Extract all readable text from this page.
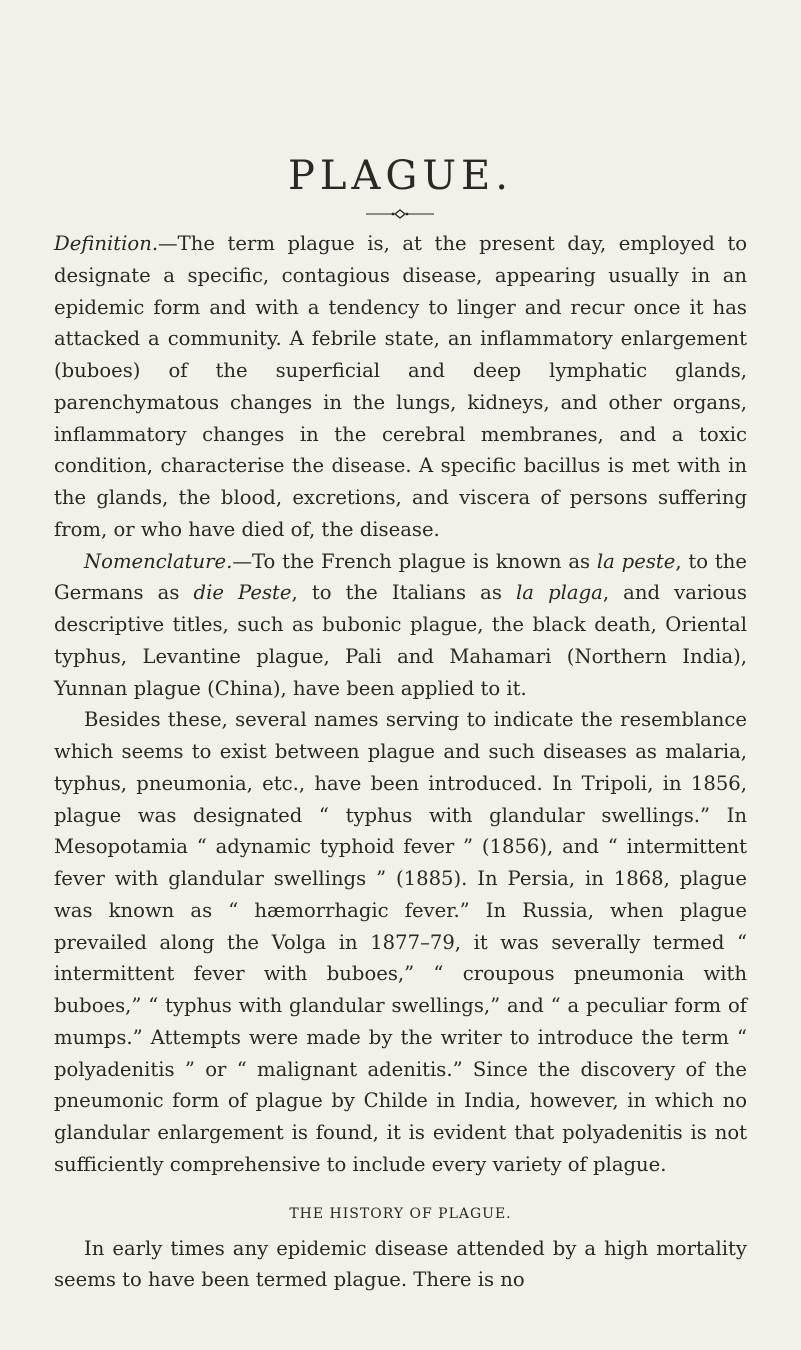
PLAGUE.

Definition.—The term plague is, at the present day, employed to designate a specific, contagious disease, appearing usually in an epidemic form and with a tendency to linger and recur once it has attacked a community. A febrile state, an inflammatory enlargement (buboes) of the superficial and deep lymphatic glands, parenchymatous changes in the lungs, kidneys, and other organs, inflammatory changes in the cerebral membranes, and a toxic condition, characterise the disease. A specific bacillus is met with in the glands, the blood, excretions, and viscera of persons suffering from, or who have died of, the disease.

Nomenclature.—To the French plague is known as la peste, to the Germans as die Peste, to the Italians as la plaga, and various descriptive titles, such as bubonic plague, the black death, Oriental typhus, Levantine plague, Pali and Mahamari (Northern India), Yunnan plague (China), have been applied to it.

Besides these, several names serving to indicate the resemblance which seems to exist between plague and such diseases as malaria, typhus, pneumonia, etc., have been introduced. In Tripoli, in 1856, plague was designated “ typhus with glandular swellings.” In Mesopotamia “ adynamic typhoid fever ” (1856), and “ intermittent fever with glandular swellings ” (1885). In Persia, in 1868, plague was known as “ hæmorrhagic fever.” In Russia, when plague prevailed along the Volga in 1877–79, it was severally termed “ intermittent fever with buboes,” “ croupous pneumonia with buboes,” “ typhus with glandular swellings,” and “ a peculiar form of mumps.” Attempts were made by the writer to introduce the term “ polyadenitis ” or “ malignant adenitis.” Since the discovery of the pneumonic form of plague by Childe in India, however, in which no glandular enlargement is found, it is evident that polyadenitis is not sufficiently comprehensive to include every variety of plague.

THE HISTORY OF PLAGUE.

In early times any epidemic disease attended by a high mortality seems to have been termed plague. There is no
